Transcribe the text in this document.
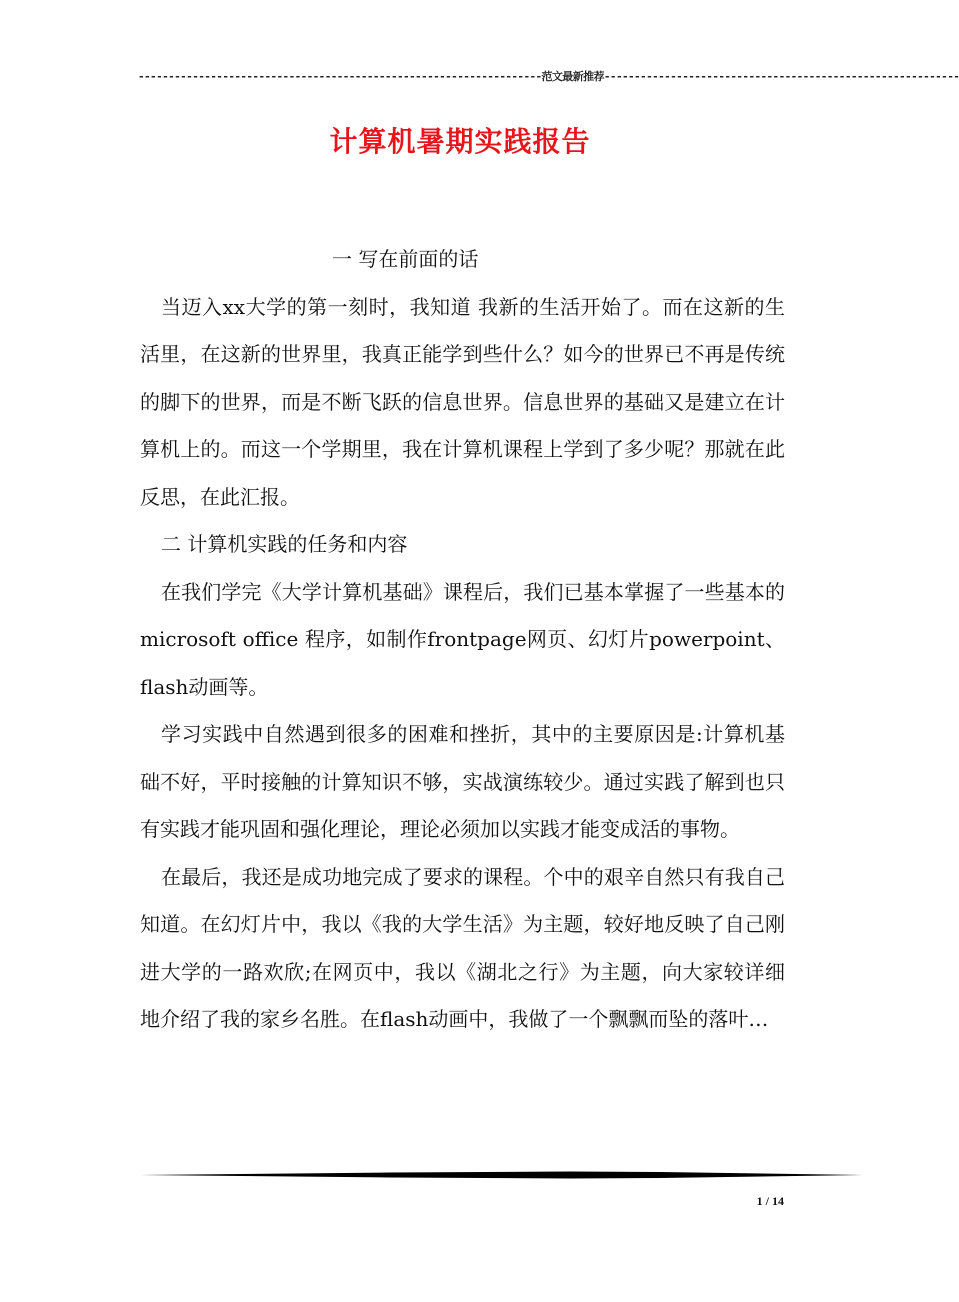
-------------------------------------------------------------------范文最新推荐-----------------------------------------------------------
计算机暑期实践报告

一 写在前面的话

当迈入xx大学的第一刻时，我知道 我新的生活开始了。而在这新的生活里，在这新的世界里，我真正能学到些什么？如今的世界已不再是传统的脚下的世界，而是不断飞跃的信息世界。信息世界的基础又是建立在计算机上的。而这一个学期里，我在计算机课程上学到了多少呢？那就在此反思，在此汇报。

二 计算机实践的任务和内容

在我们学完《大学计算机基础》课程后，我们已基本掌握了一些基本的 microsoft office 程序，如制作frontpage网页、幻灯片powerpoint、 flash动画等。

学习实践中自然遇到很多的困难和挫折，其中的主要原因是:计算机基础不好，平时接触的计算知识不够，实战演练较少。通过实践了解到也只有实践才能巩固和强化理论，理论必须加以实践才能变成活的事物。

在最后，我还是成功地完成了要求的课程。个中的艰辛自然只有我自己知道。在幻灯片中，我以《我的大学生活》为主题，较好地反映了自己刚进大学的一路欢欣;在网页中，我以《湖北之行》为主题，向大家较详细地介绍了我的家乡名胜。在flash动画中，我做了一个飘飘而坠的落叶…

1 / 14
